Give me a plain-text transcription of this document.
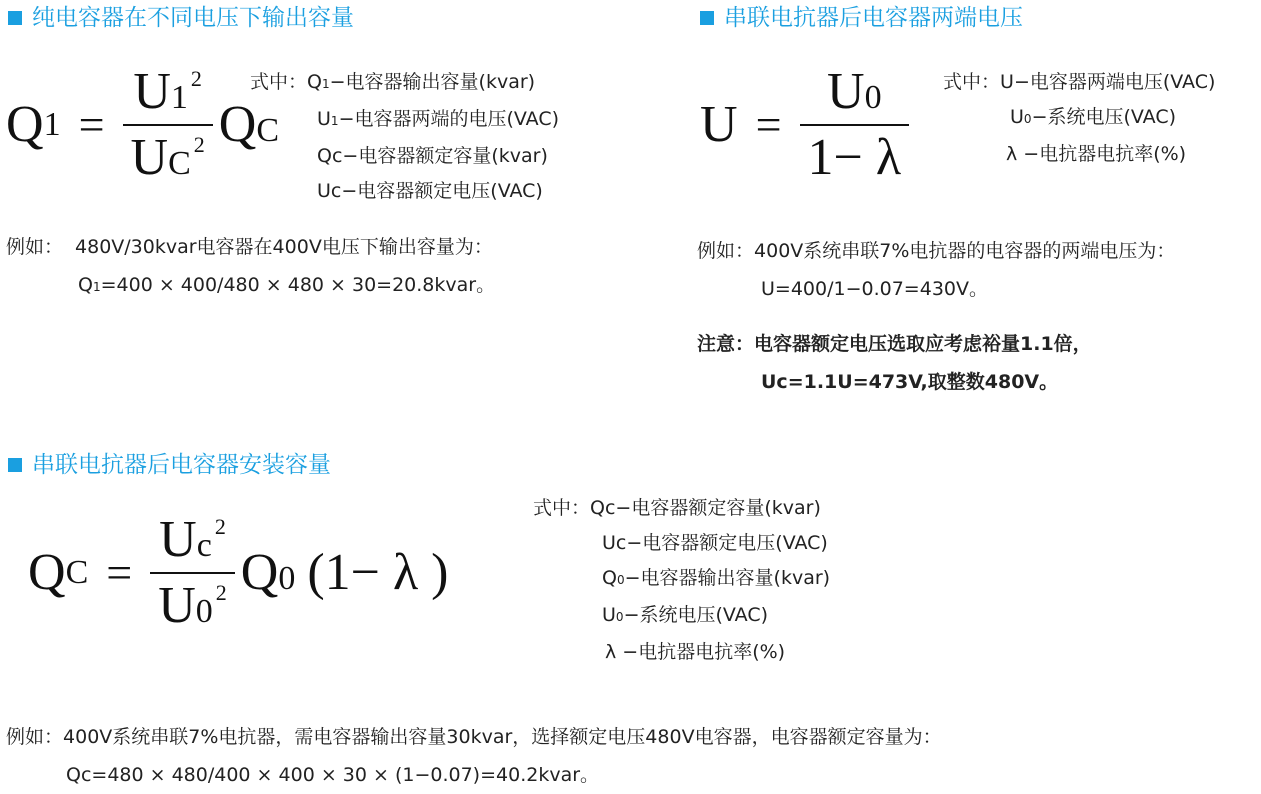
纯电容器在不同电压下输出容量
Q 1 = U 1
2
U C
2 QC
式中：Q1−电容器输出容量(kvar)
U1−电容器两端的电压(VAC)
Qc−电容器额定容量(kvar)
Uc−电容器额定电压(VAC)
例如： 480V/30kvar电容器在400V电压下输出容量为：
Q1=400 × 400/480 × 480 × 30=20.8kvar。
串联电抗器后电容器两端电压
$U = \frac{U 0}{1- \lambda}$ 式中：U−电容器两端电压(VAC)
U0−系统电压(VAC)
λ −电抗器电抗率(%)
例如：400V系统串联7%电抗器的电容器的两端电压为：
U=400/1−0.07=430V。
注意：电容器额定电压选取应考虑裕量1.1倍，
Uc=1.1U=473V,取整数480V。
串联电抗器后电容器安装容量
Q C = U c
2
U 0
2 Q0 (1− λ )
式中：Qc−电容器额定容量(kvar)
Uc−电容器额定电压(VAC)
Q0−电容器输出容量(kvar)
U0−系统电压(VAC)
λ −电抗器电抗率(%)
例如：400V系统串联7%电抗器，需电容器输出容量30kvar，选择额定电压480V电容器，电容器额定容量为：
Qc=480 × 480/400 × 400 × 30 × (1−0.07)=40.2kvar。
